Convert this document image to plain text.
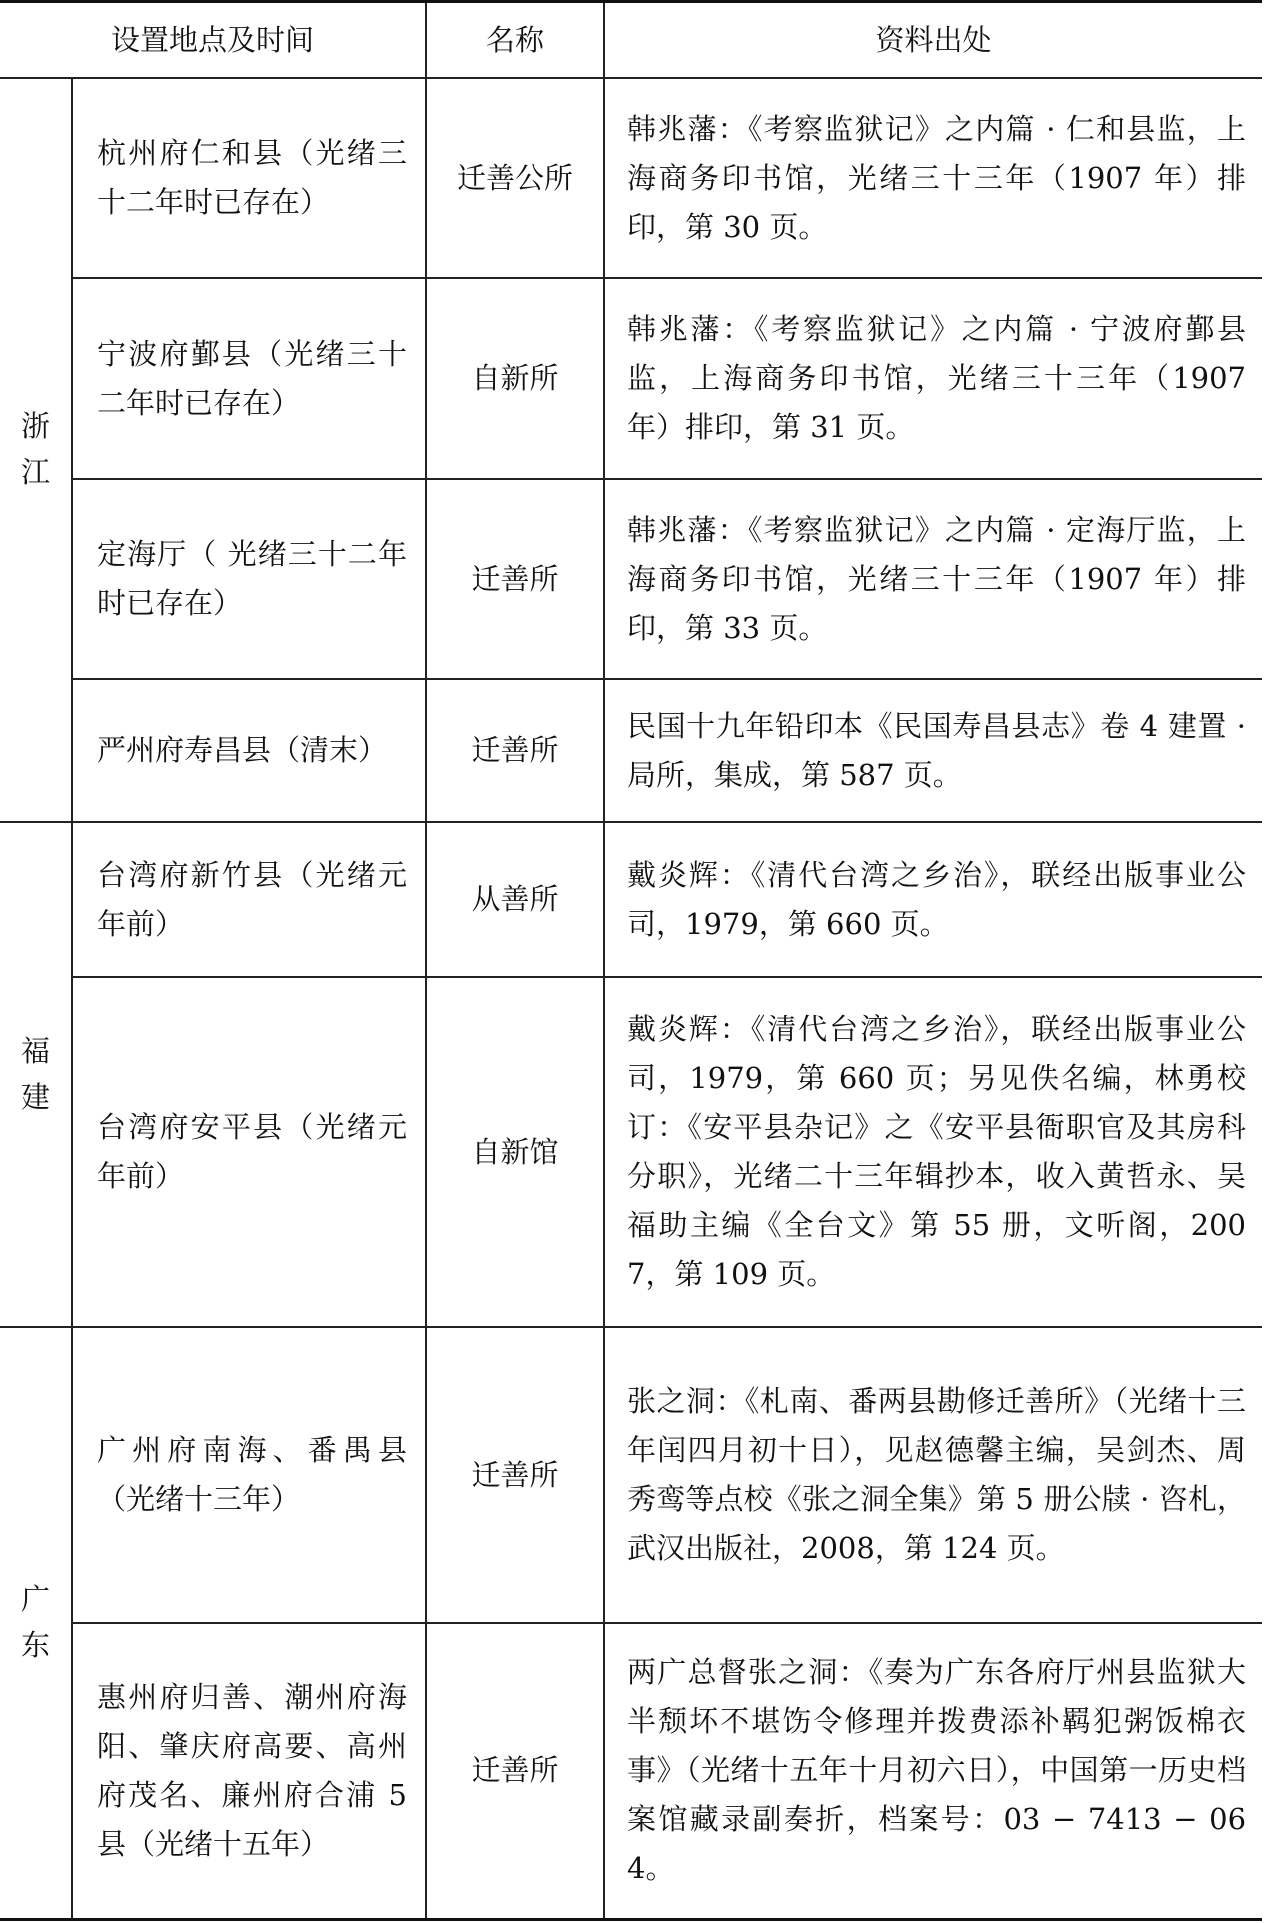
设置地点及时间		名称	资料出处
浙江	杭州府仁和县（光绪三十二年时已存在）	迁善公所	韩兆藩：《考察监狱记》之内篇 · 仁和县监，上海商务印书馆，光绪三十三年（1907 年）排印，第 30 页。
	宁波府鄞县（光绪三十二年时已存在）	自新所	韩兆藩：《考察监狱记》之内篇 · 宁波府鄞县监，上海商务印书馆，光绪三十三年（1907 年）排印，第 31 页。
	定海厅（ 光绪三十二年时已存在）	迁善所	韩兆藩：《考察监狱记》之内篇 · 定海厅监，上海商务印书馆，光绪三十三年（1907 年）排印，第 33 页。
	严州府寿昌县（清末）	迁善所	民国十九年铅印本《民国寿昌县志》卷 4 建置 · 局所，集成，第 587 页。
福建	台湾府新竹县（光绪元年前）	从善所	戴炎辉：《清代台湾之乡治》，联经出版事业公司，1979，第 660 页。
	台湾府安平县（光绪元年前）	自新馆	戴炎辉：《清代台湾之乡治》，联经出版事业公司，1979，第 660 页；另见佚名编，林勇校订：《安平县杂记》之《安平县衙职官及其房科分职》，光绪二十三年辑抄本，收入黄哲永、吴福助主编《全台文》第 55 册，文听阁，2007，第 109 页。
广东	广州府南海、番禺县（光绪十三年）	迁善所	张之洞：《札南、番两县勘修迁善所》（光绪十三年闰四月初十日），见赵德馨主编，吴剑杰、周秀鸾等点校《张之洞全集》第 5 册公牍 · 咨札，武汉出版社，2008，第 124 页。
	惠州府归善、潮州府海阳、肇庆府高要、高州府茂名、廉州府合浦 5 县（光绪十五年）	迁善所	两广总督张之洞：《奏为广东各府厅州县监狱大半颓坏不堪饬令修理并拨费添补羁犯粥饭棉衣事》（光绪十五年十月初六日），中国第一历史档案馆藏录副奏折，档案号：03 − 7413 − 064。
